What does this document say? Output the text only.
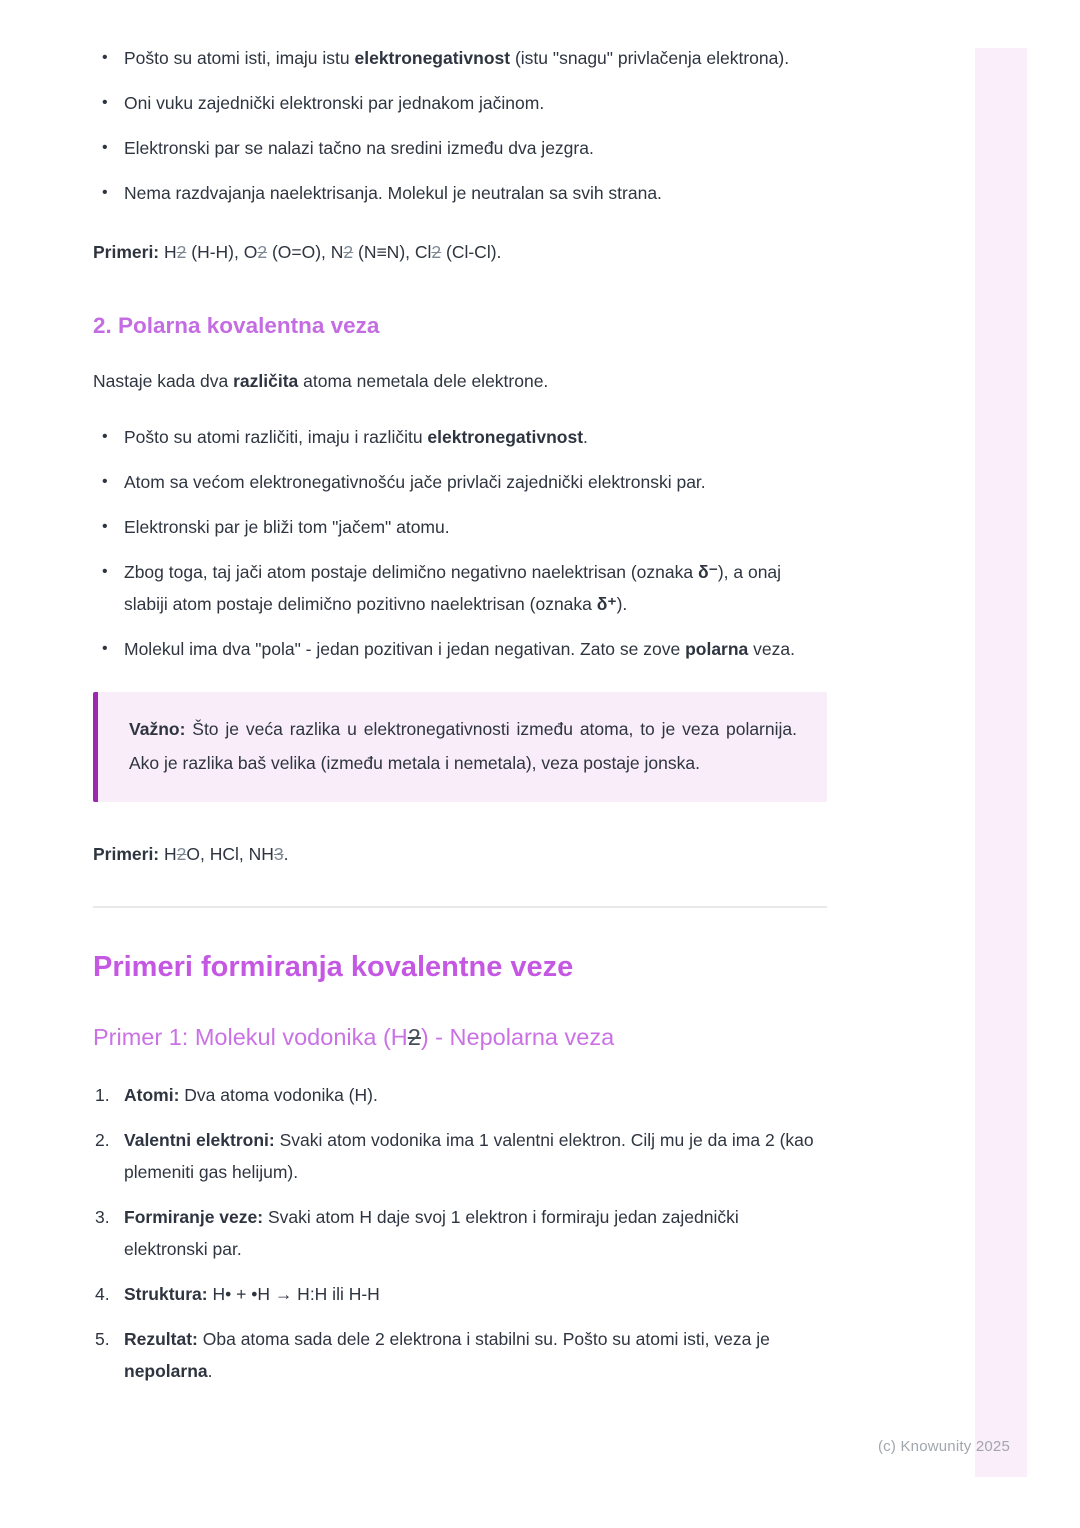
(c) Knowunity 2025
• Pošto su atomi isti, imaju istu elektronegativnost (istu "snagu" privlačenja elektrona).
• Oni vuku zajednički elektronski par jednakom jačinom.
• Elektronski par se nalazi tačno na sredini između dva jezgra.
• Nema razdvajanja naelektrisanja. Molekul je neutralan sa svih strana.

Primeri: H2 (H-H), O2 (O=O), N2 (N≡N), Cl2 (Cl-Cl).

2. Polarna kovalentna veza

Nastaje kada dva različita atoma nemetala dele elektrone.

• Pošto su atomi različiti, imaju i različitu elektronegativnost.
• Atom sa većom elektronegativnošću jače privlači zajednički elektronski par.
• Elektronski par je bliži tom "jačem" atomu.
• Zbog toga, taj jači atom postaje delimično negativno naelektrisan (oznaka δ⁻), a onaj slabiji atom postaje delimično pozitivno naelektrisan (oznaka δ⁺).
• Molekul ima dva "pola" - jedan pozitivan i jedan negativan. Zato se zove polarna veza.

Važno: Što je veća razlika u elektronegativnosti između atoma, to je veza polarnija. Ako je razlika baš velika (između metala i nemetala), veza postaje jonska.

Primeri: H2O, HCl, NH3.

Primeri formiranja kovalentne veze
Primer 1: Molekul vodonika (H2) - Nepolarna veza
Atomi: Dva atoma vodonika (H).
Valentni elektroni: Svaki atom vodonika ima 1 valentni elektron. Cilj mu je da ima 2 (kao plemeniti gas helijum).
Formiranje veze: Svaki atom H daje svoj 1 elektron i formiraju jedan zajednički elektronski par.
Struktura: H• + •H → H:H ili H-H
Rezultat: Oba atoma sada dele 2 elektrona i stabilni su. Pošto su atomi isti, veza je nepolarna.
